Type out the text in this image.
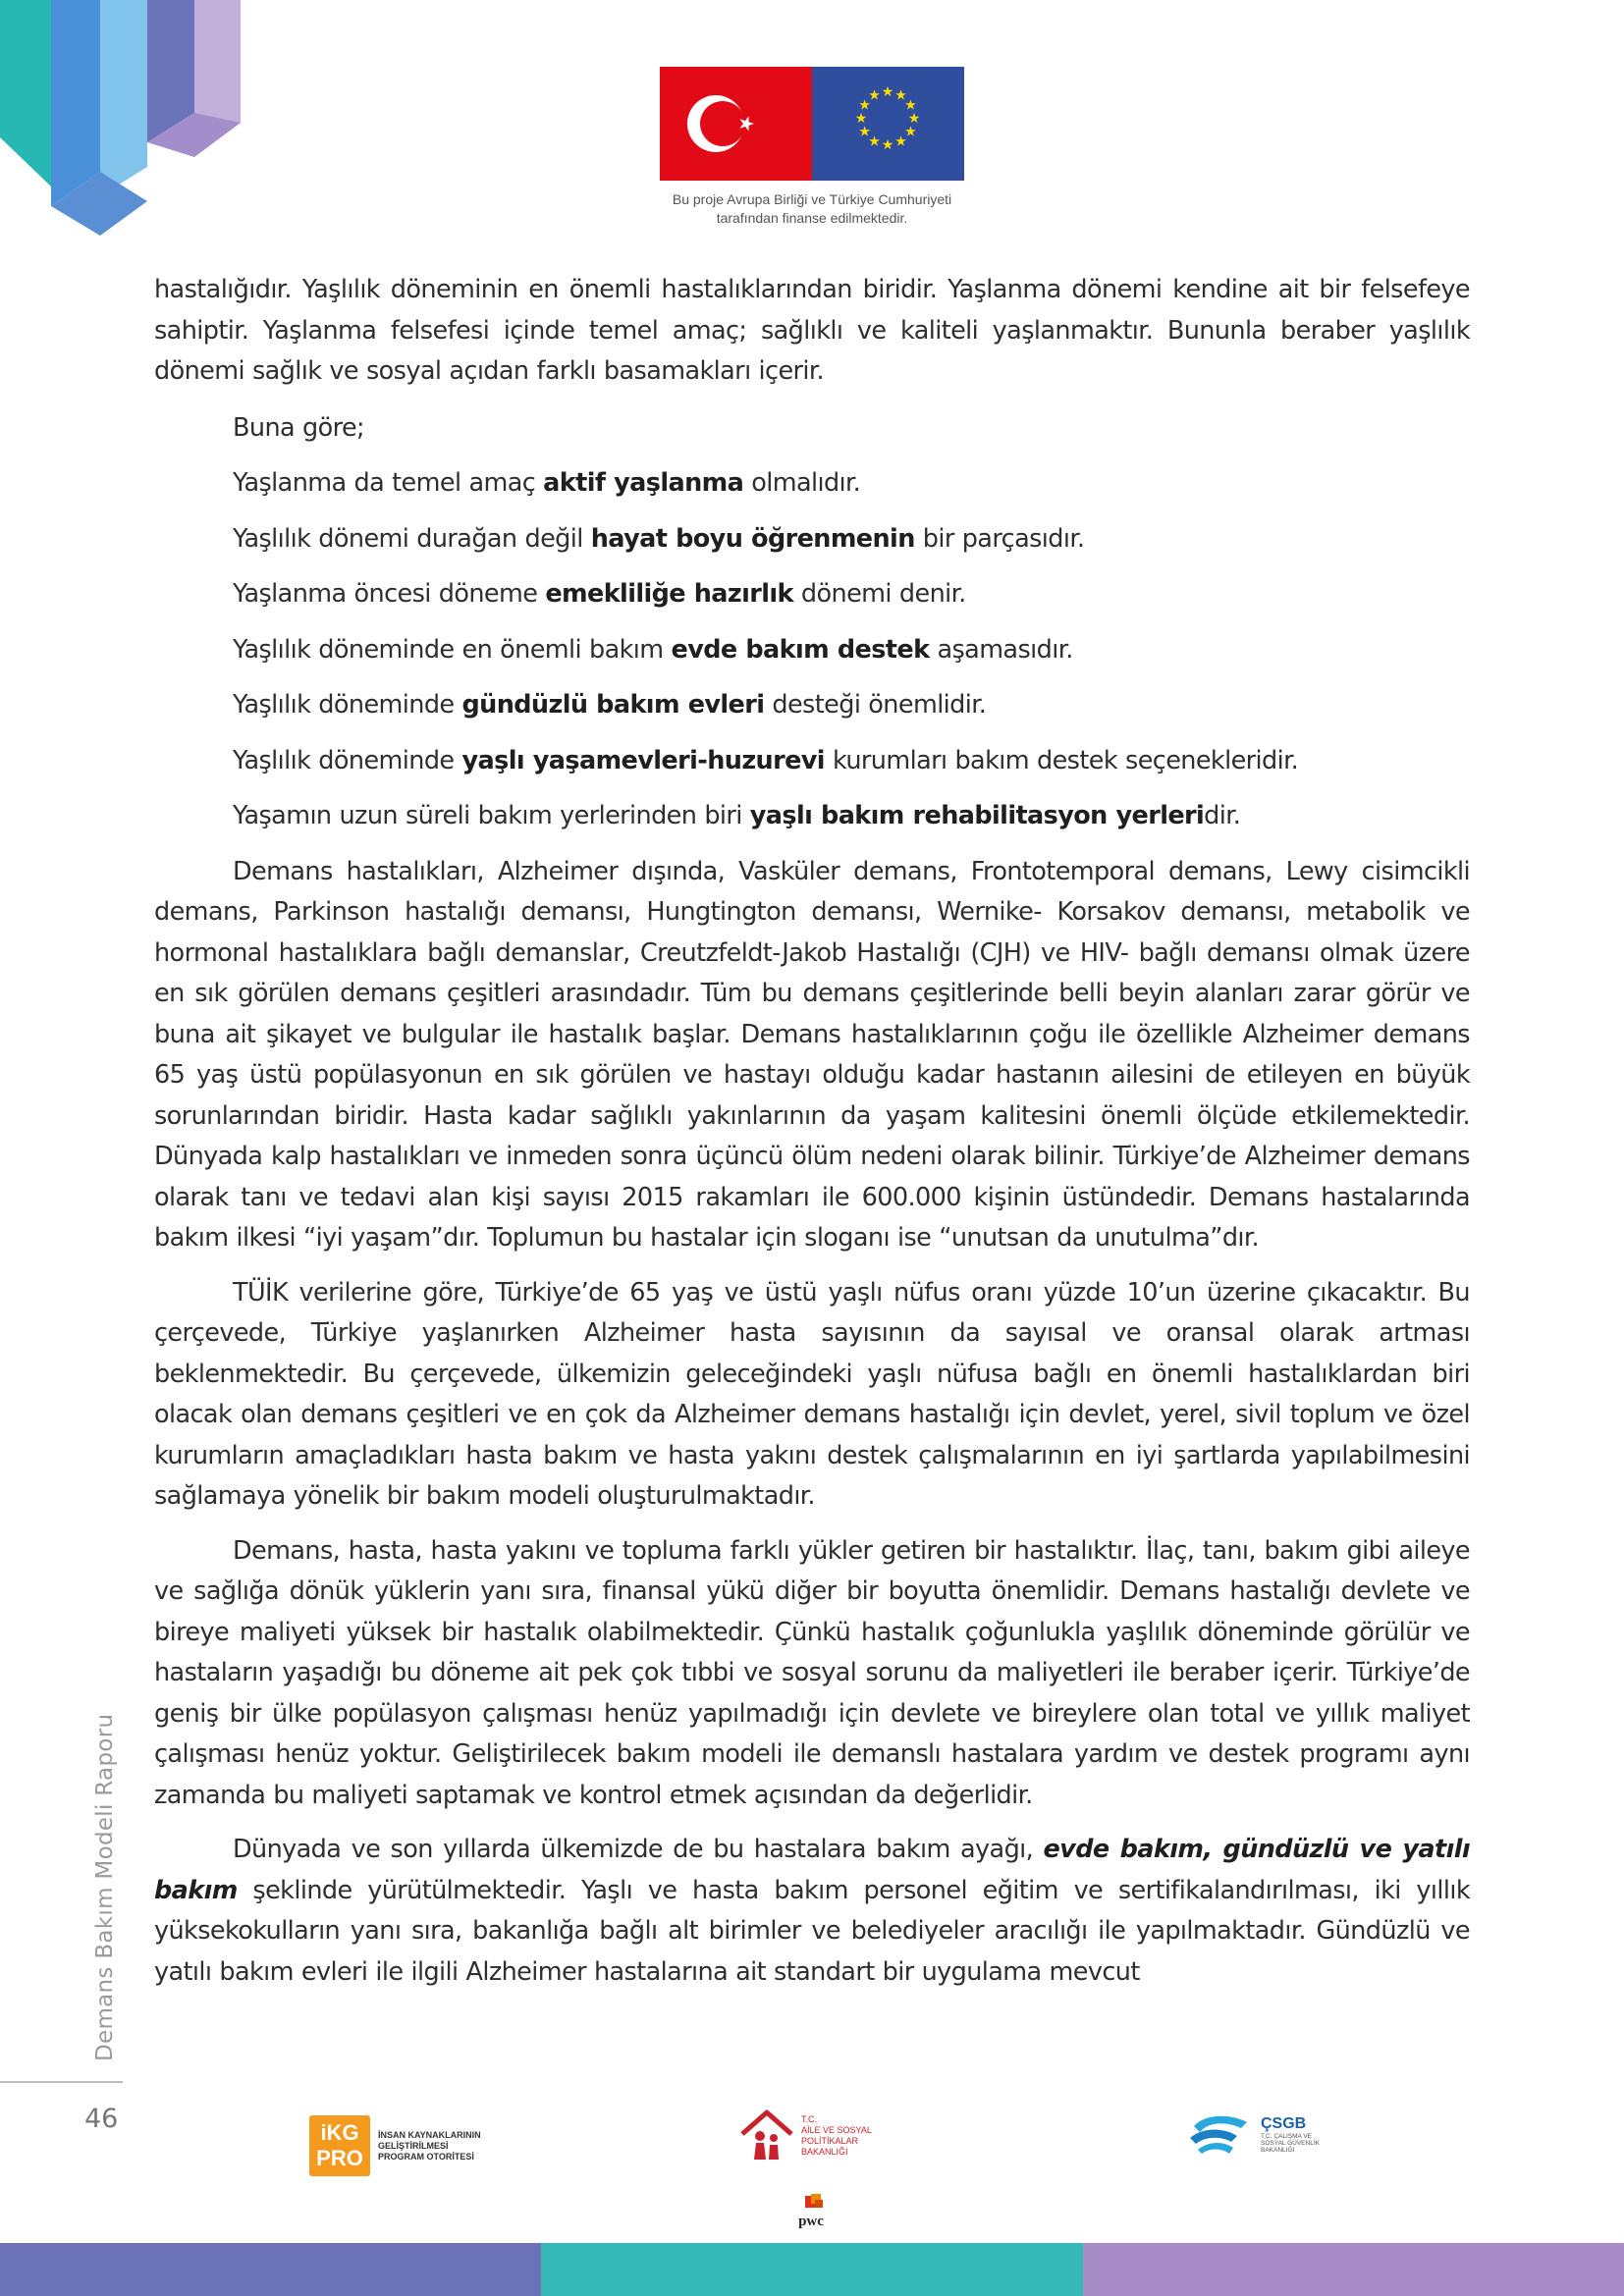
★ ★
★
★
★
★
★
★
★
★
★
★
Bu proje Avrupa Birliği ve Türkiye Cumhuriyeti
tarafından finanse edilmektedir.

hastalığıdır. Yaşlılık döneminin en önemli hastalıklarından biridir. Yaşlanma dönemi kendine ait bir felsefeye sahiptir. Yaşlanma felsefesi içinde temel amaç; sağlıklı ve kaliteli yaşlanmaktır. Bununla beraber yaşlılık dönemi sağlık ve sosyal açıdan farklı basamakları içerir.

Buna göre;

Yaşlanma da temel amaç aktif yaşlanma olmalıdır.

Yaşlılık dönemi durağan değil hayat boyu öğrenmenin bir parçasıdır.

Yaşlanma öncesi döneme emekliliğe hazırlık dönemi denir.

Yaşlılık döneminde en önemli bakım evde bakım destek aşamasıdır.

Yaşlılık döneminde gündüzlü bakım evleri desteği önemlidir.

Yaşlılık döneminde yaşlı yaşamevleri-huzurevi kurumları bakım destek seçenekleridir.

Yaşamın uzun süreli bakım yerlerinden biri yaşlı bakım rehabilitasyon yerleridir.

Demans hastalıkları, Alzheimer dışında, Vasküler demans, Frontotemporal demans, Lewy cisimcikli demans, Parkinson hastalığı demansı, Hungtington demansı, Wernike- Korsakov demansı, metabolik ve hormonal hastalıklara bağlı demanslar, Creutzfeldt-Jakob Hastalığı (CJH) ve HIV- bağlı demansı olmak üzere en sık görülen demans çeşitleri arasındadır. Tüm bu demans çeşitlerinde belli beyin alanları zarar görür ve buna ait şikayet ve bulgular ile hastalık başlar. Demans hastalıklarının çoğu ile özellikle Alzheimer demans 65 yaş üstü popülasyonun en sık görülen ve hastayı olduğu kadar hastanın ailesini de etileyen en büyük sorunlarından biridir. Hasta kadar sağlıklı yakınlarının da yaşam kalitesini önemli ölçüde etkilemektedir. Dünyada kalp hastalıkları ve inmeden sonra üçüncü ölüm nedeni olarak bilinir. Türkiye’de Alzheimer demans olarak tanı ve tedavi alan kişi sayısı 2015 rakamları ile 600.000 kişinin üstündedir. Demans hastalarında bakım ilkesi “iyi yaşam”dır. Toplumun bu hastalar için sloganı ise “unutsan da unutulma”dır.

TÜİK verilerine göre, Türkiye’de 65 yaş ve üstü yaşlı nüfus oranı yüzde 10’un üzerine çıkacaktır. Bu çerçevede, Türkiye yaşlanırken Alzheimer hasta sayısının da sayısal ve oransal olarak artması beklenmektedir. Bu çerçevede, ülkemizin geleceğindeki yaşlı nüfusa bağlı en önemli hastalıklardan biri olacak olan demans çeşitleri ve en çok da Alzheimer demans hastalığı için devlet, yerel, sivil toplum ve özel kurumların amaçladıkları hasta bakım ve hasta yakını destek çalışmalarının en iyi şartlarda yapılabilmesini sağlamaya yönelik bir bakım modeli oluşturulmaktadır.

Demans, hasta, hasta yakını ve topluma farklı yükler getiren bir hastalıktır. İlaç, tanı, bakım gibi aileye ve sağlığa dönük yüklerin yanı sıra, finansal yükü diğer bir boyutta önemlidir. Demans hastalığı devlete ve bireye maliyeti yüksek bir hastalık olabilmektedir. Çünkü hastalık çoğunlukla yaşlılık döneminde görülür ve hastaların yaşadığı bu döneme ait pek çok tıbbi ve sosyal sorunu da maliyetleri ile beraber içerir. Türkiye’de geniş bir ülke popülasyon çalışması henüz yapılmadığı için devlete ve bireylere olan total ve yıllık maliyet çalışması henüz yoktur. Geliştirilecek bakım modeli ile demanslı hastalara yardım ve destek programı aynı zamanda bu maliyeti saptamak ve kontrol etmek açısından da değerlidir.

Dünyada ve son yıllarda ülkemizde de bu hastalara bakım ayağı, evde bakım, gündüzlü ve yatılı bakım şeklinde yürütülmektedir. Yaşlı ve hasta bakım personel eğitim ve sertifikalandırılması, iki yıllık yüksekokulların yanı sıra, bakanlığa bağlı alt birimler ve belediyeler aracılığı ile yapılmaktadır. Gündüzlü ve yatılı bakım evleri ile ilgili Alzheimer hastalarına ait standart bir uygulama mevcut

Demans Bakım Modeli Raporu
46	iKG
PRO
İNSAN KAYNAKLARININ GELİŞTİRİLMESİ PROGRAM OTORİTESİ
T.C.
AİLE VE SOSYAL POLİTİKALAR BAKANLIĞI
pwc
ÇSGB
T.C. ÇALIŞMA VE SOSYAL GÜVENLİK BAKANLIĞI
